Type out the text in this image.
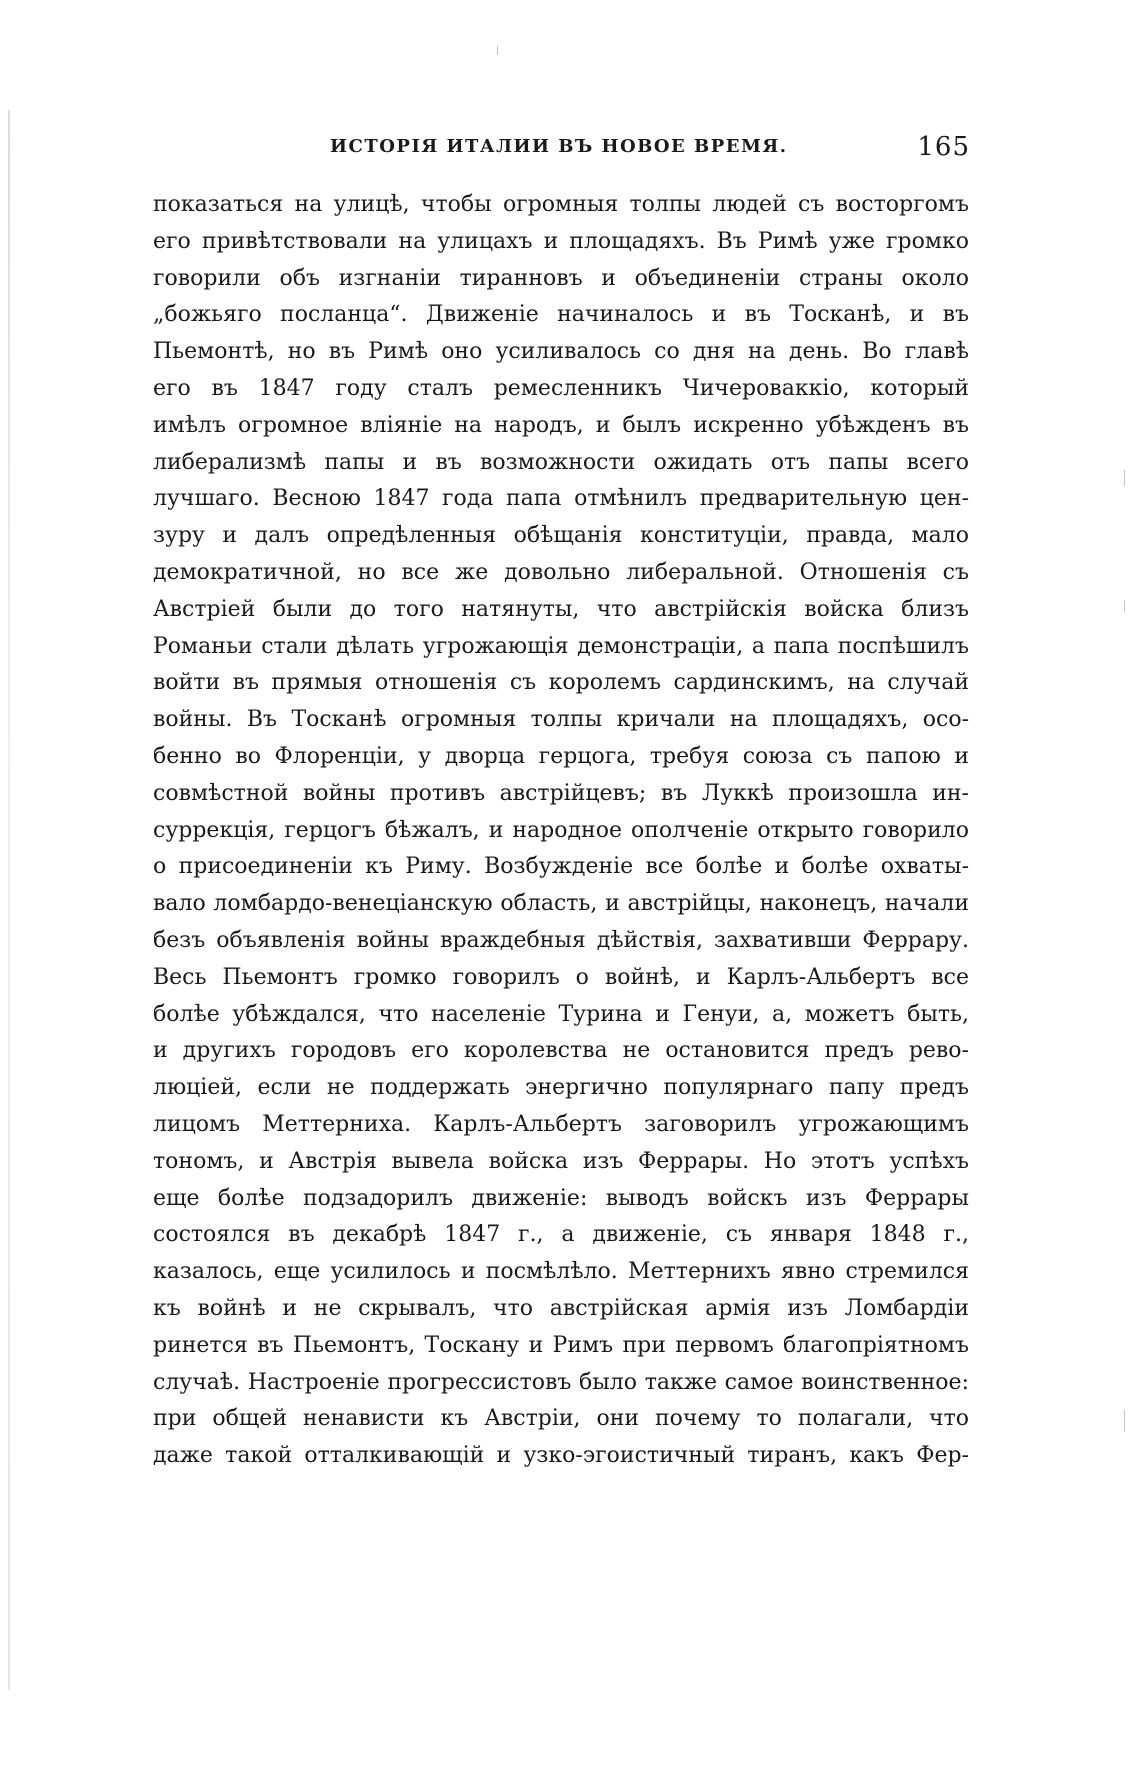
ИСТОРІЯ ИТАЛИИ ВЪ НОВОЕ ВРЕМЯ.	165
показаться на улицѣ, чтобы огромныя толпы людей съ восторгомъ
его привѣтствовали на улицахъ и площадяхъ. Въ Римѣ уже громко
говорили объ изгнаніи тиранновъ и объединеніи страны около
„божьяго посланца“. Движеніе начиналось и въ Тосканѣ, и въ
Пьемонтѣ, но въ Римѣ оно усиливалось со дня на день. Во главѣ
его въ 1847 году сталъ ремесленникъ Чичероваккіо, который
имѣлъ огромное вліяніе на народъ, и былъ искренно убѣжденъ въ
либерализмѣ папы и въ возможности ожидать отъ папы всего
лучшаго. Весною 1847 года папа отмѣнилъ предварительную цен-
зуру и далъ опредѣленныя обѣщанія конституціи, правда, мало
демократичной, но все же довольно либеральной. Отношенія съ
Австріей были до того натянуты, что австрійскія войска близъ
Романьи стали дѣлать угрожающія демонстраціи, а папа поспѣшилъ
войти въ прямыя отношенія съ королемъ сардинскимъ, на случай
войны. Въ Тосканѣ огромныя толпы кричали на площадяхъ, осо-
бенно во Флоренціи, у дворца герцога, требуя союза съ папою и
совмѣстной войны противъ австрійцевъ; въ Луккѣ произошла ин-
суррекція, герцогъ бѣжалъ, и народное ополченіе открыто говорило
о присоединеніи къ Риму. Возбужденіе все болѣе и болѣе охваты-
вало ломбардо-венеціанскую область, и австрійцы, наконецъ, начали
безъ объявленія войны враждебныя дѣйствія, захвативши Феррару.
Весь Пьемонтъ громко говорилъ о войнѣ, и Карлъ-Альбертъ все
болѣе убѣждался, что населеніе Турина и Генуи, а, можетъ быть,
и другихъ городовъ его королевства не остановится предъ рево-
люціей, если не поддержать энергично популярнаго папу предъ
лицомъ Меттерниха. Карлъ-Альбертъ заговорилъ угрожающимъ
тономъ, и Австрія вывела войска изъ Феррары. Но этотъ успѣхъ
еще болѣе подзадорилъ движеніе: выводъ войскъ изъ Феррары
состоялся въ декабрѣ 1847 г., а движеніе, съ января 1848 г.,
казалось, еще усилилось и посмѣлѣло. Меттернихъ явно стремился
къ войнѣ и не скрывалъ, что австрійская армія изъ Ломбардіи
ринется въ Пьемонтъ, Тоскану и Римъ при первомъ благопріятномъ
случаѣ. Настроеніе прогрессистовъ было также самое воинственное:
при общей ненависти къ Австріи, они почему то полагали, что
даже такой отталкивающій и узко-эгоистичный тиранъ, какъ Фер-
